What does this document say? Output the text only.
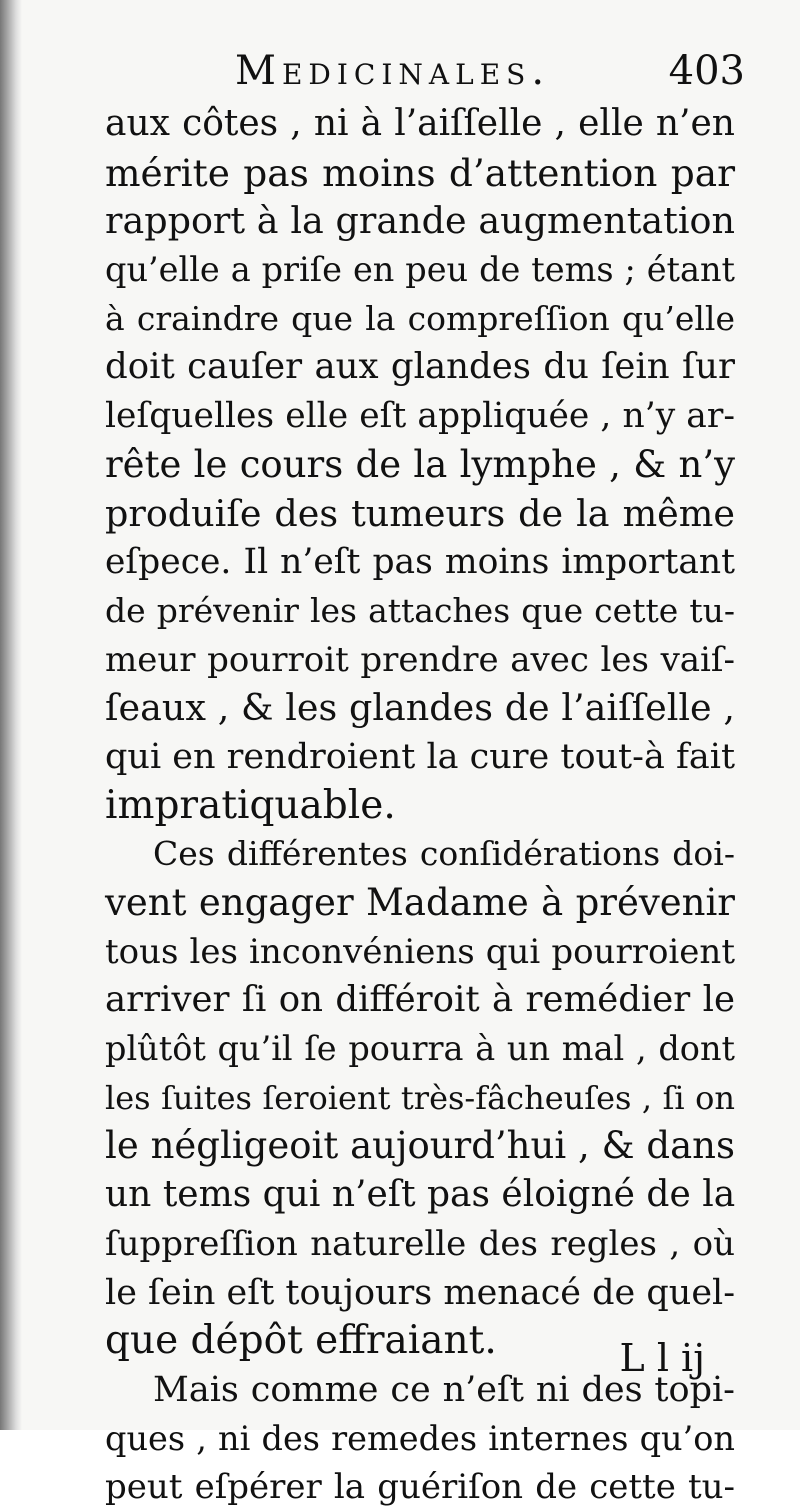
Medicinales.	403
aux côtes , ni à l’aiſſelle , elle n’en
mérite pas moins d’attention par
rapport à la grande augmentation
qu’elle a priſe en peu de tems ; étant
à craindre que la compreſſion qu’elle
doit cauſer aux glandes du ſein ſur
leſquelles elle eſt appliquée , n’y ar-
rête le cours de la lymphe , & n’y
produiſe des tumeurs de la même
eſpece. Il n’eſt pas moins important
de prévenir les attaches que cette tu-
meur pourroit prendre avec les vaiſ-
ſeaux , & les glandes de l’aiſſelle ,
qui en rendroient la cure tout-à fait
impratiquable.
Ces différentes conſidérations doi-
vent engager Madame à prévenir
tous les inconvéniens qui pourroient
arriver ſi on différoit à remédier le
plûtôt qu’il ſe pourra à un mal , dont
les ſuites ſeroient très-fâcheuſes , ſi on
le négligeoit aujourd’hui , & dans
un tems qui n’eſt pas éloigné de la
ſuppreſſion naturelle des regles , où
le ſein eſt toujours menacé de quel-
que dépôt effraiant.
Mais comme ce n’eſt ni des topi-
ques , ni des remedes internes qu’on
peut eſpérer la guériſon de cette tu-
L l ij
